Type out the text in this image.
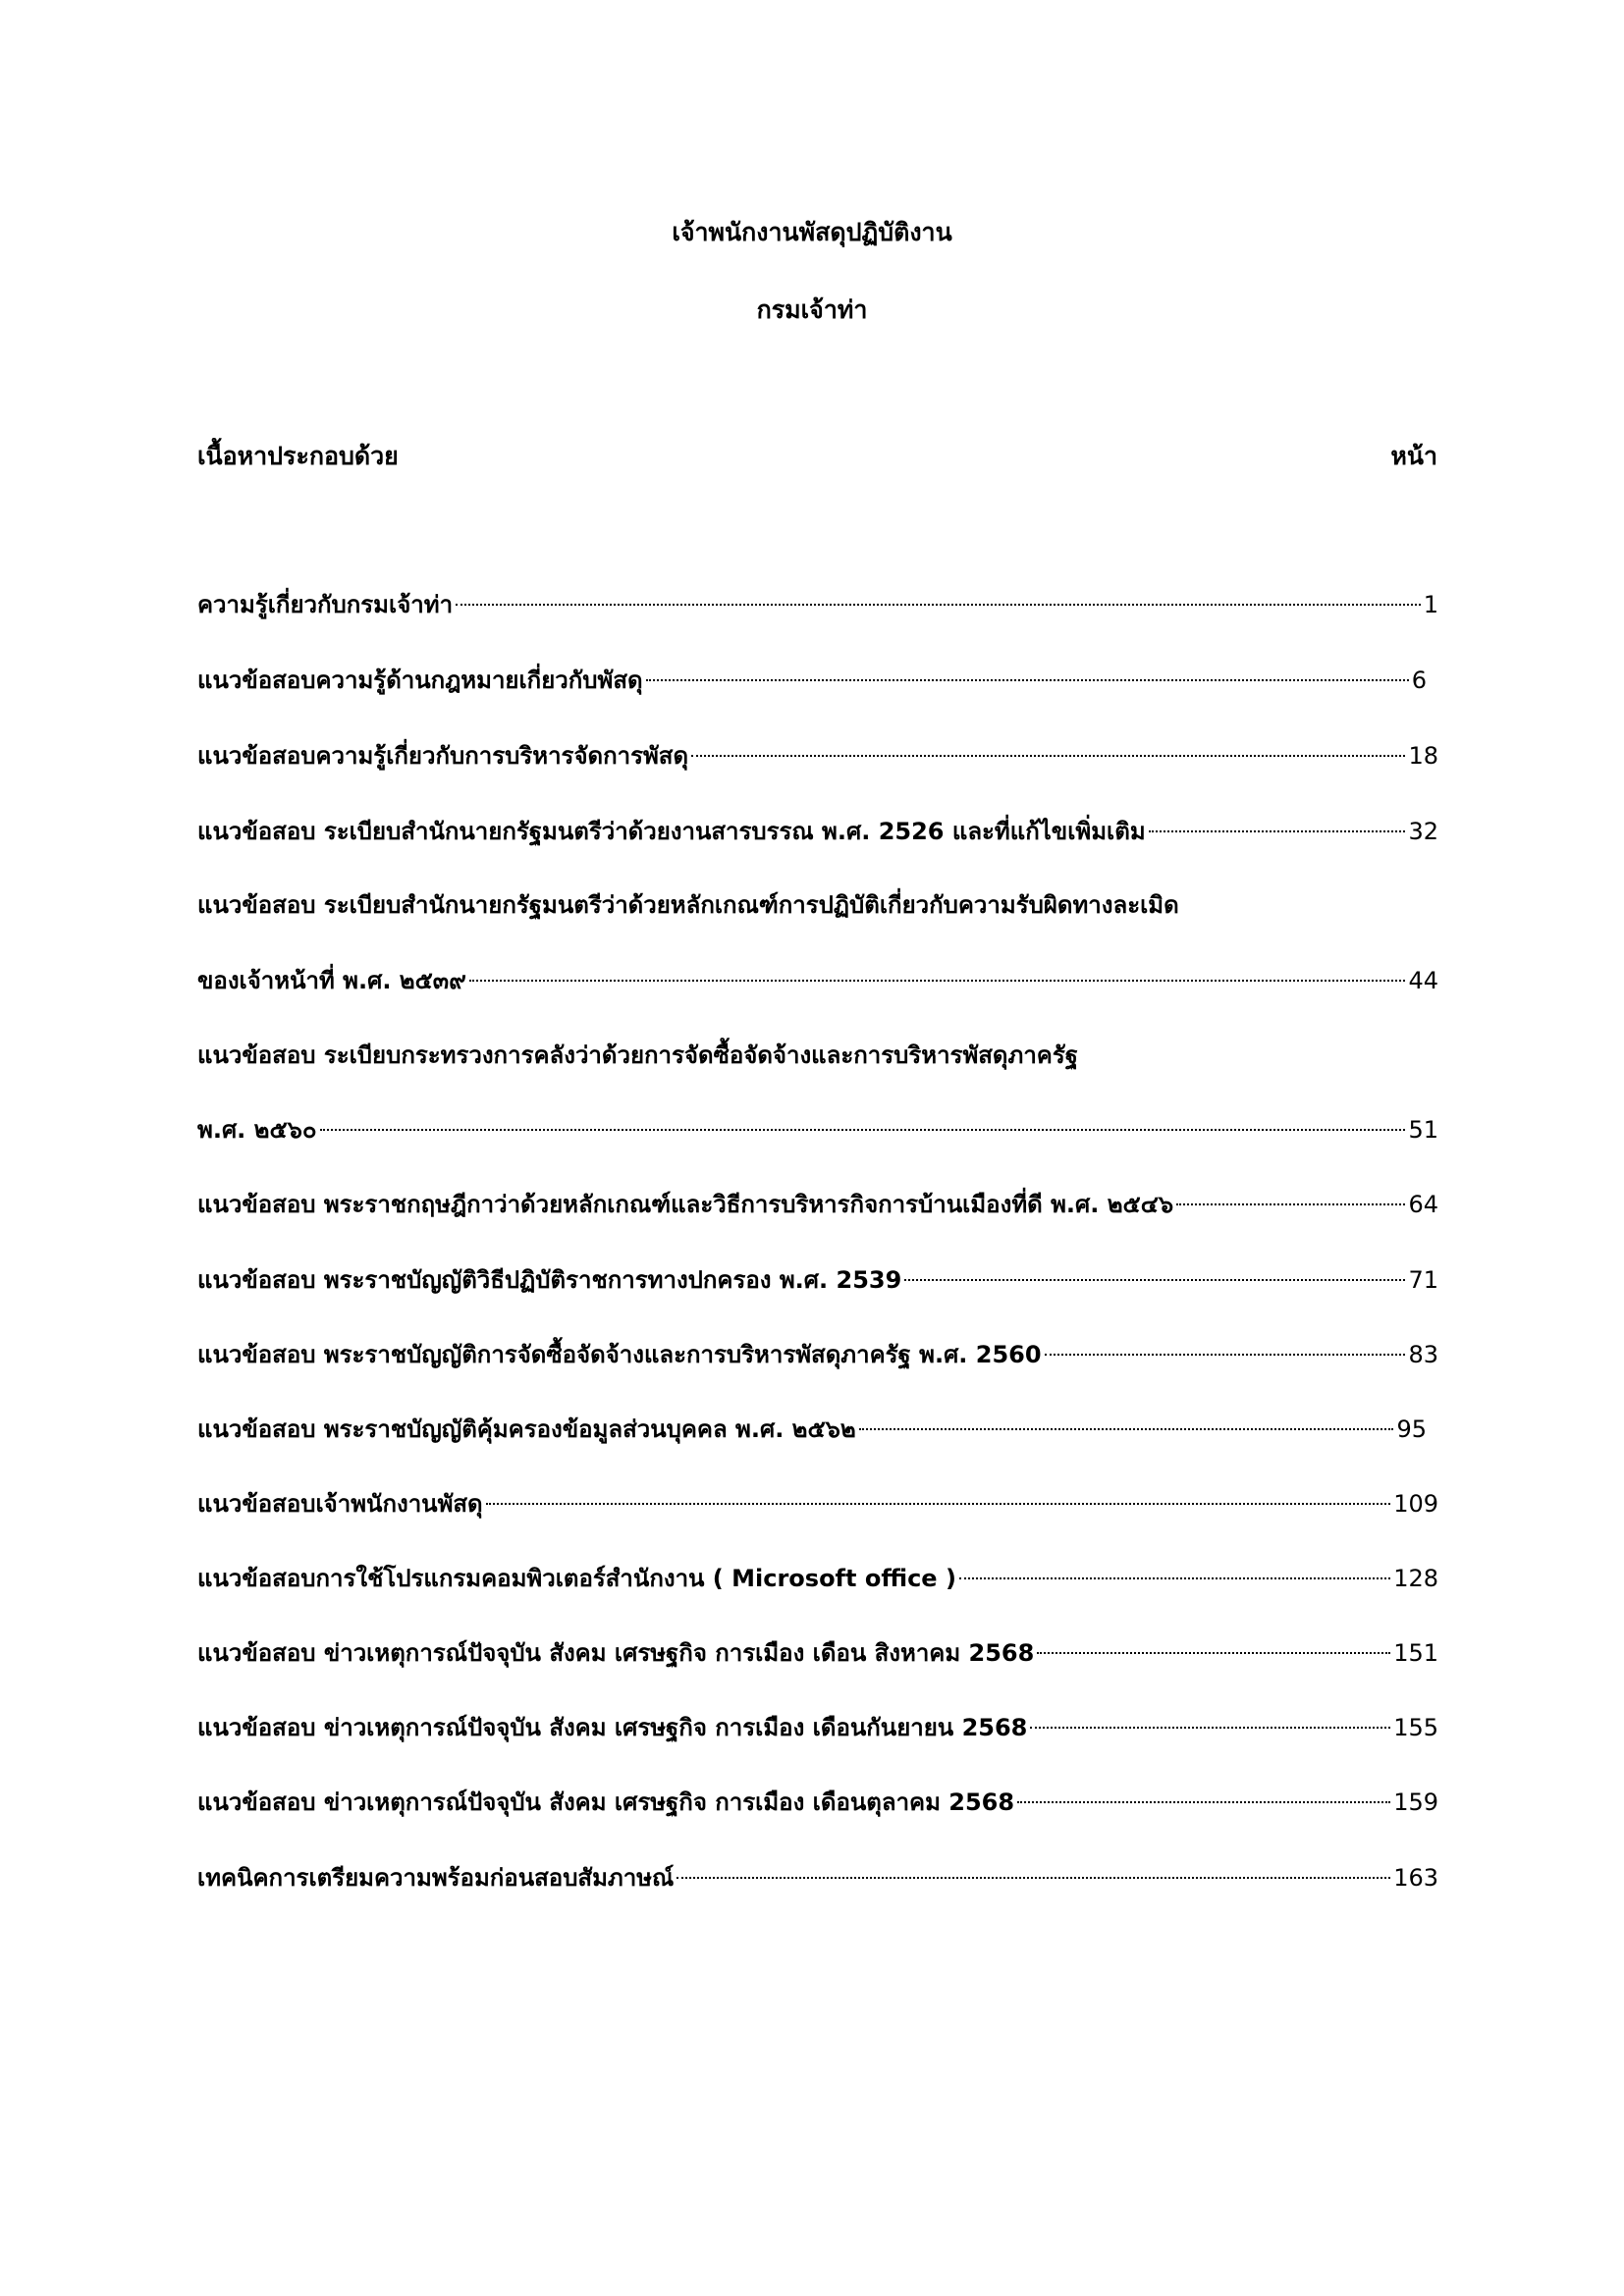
เจ้าพนักงานพัสดุปฏิบัติงาน
กรมเจ้าท่า
เนื้อหาประกอบด้วย	หน้า
ความรู้เกี่ยวกับกรมเจ้าท่า	1
แนวข้อสอบความรู้ด้านกฎหมายเกี่ยวกับพัสดุ	6
แนวข้อสอบความรู้เกี่ยวกับการบริหารจัดการพัสดุ	18
แนวข้อสอบ ระเบียบสำนักนายกรัฐมนตรีว่าด้วยงานสารบรรณ พ.ศ. 2526 และที่แก้ไขเพิ่มเติม	32
แนวข้อสอบ ระเบียบสำนักนายกรัฐมนตรีว่าด้วยหลักเกณฑ์การปฏิบัติเกี่ยวกับความรับผิดทางละเมิด
ของเจ้าหน้าที่ พ.ศ. ๒๕๓๙	44
แนวข้อสอบ ระเบียบกระทรวงการคลังว่าด้วยการจัดซื้อจัดจ้างและการบริหารพัสดุภาครัฐ
พ.ศ. ๒๕๖๐	51
แนวข้อสอบ พระราชกฤษฎีกาว่าด้วยหลักเกณฑ์และวิธีการบริหารกิจการบ้านเมืองที่ดี พ.ศ. ๒๕๔๖	64
แนวข้อสอบ พระราชบัญญัติวิธีปฏิบัติราชการทางปกครอง พ.ศ. 2539	71
แนวข้อสอบ พระราชบัญญัติการจัดซื้อจัดจ้างและการบริหารพัสดุภาครัฐ พ.ศ. 2560	83
แนวข้อสอบ พระราชบัญญัติคุ้มครองข้อมูลส่วนบุคคล พ.ศ. ๒๕๖๒	95
แนวข้อสอบเจ้าพนักงานพัสดุ	109
แนวข้อสอบการใช้โปรแกรมคอมพิวเตอร์สำนักงาน ( Microsoft office )	128
แนวข้อสอบ ข่าวเหตุการณ์ปัจจุบัน สังคม เศรษฐกิจ การเมือง เดือน สิงหาคม 2568	151
แนวข้อสอบ ข่าวเหตุการณ์ปัจจุบัน สังคม เศรษฐกิจ การเมือง เดือนกันยายน 2568	155
แนวข้อสอบ ข่าวเหตุการณ์ปัจจุบัน สังคม เศรษฐกิจ การเมือง เดือนตุลาคม 2568	159
เทคนิคการเตรียมความพร้อมก่อนสอบสัมภาษณ์	163
